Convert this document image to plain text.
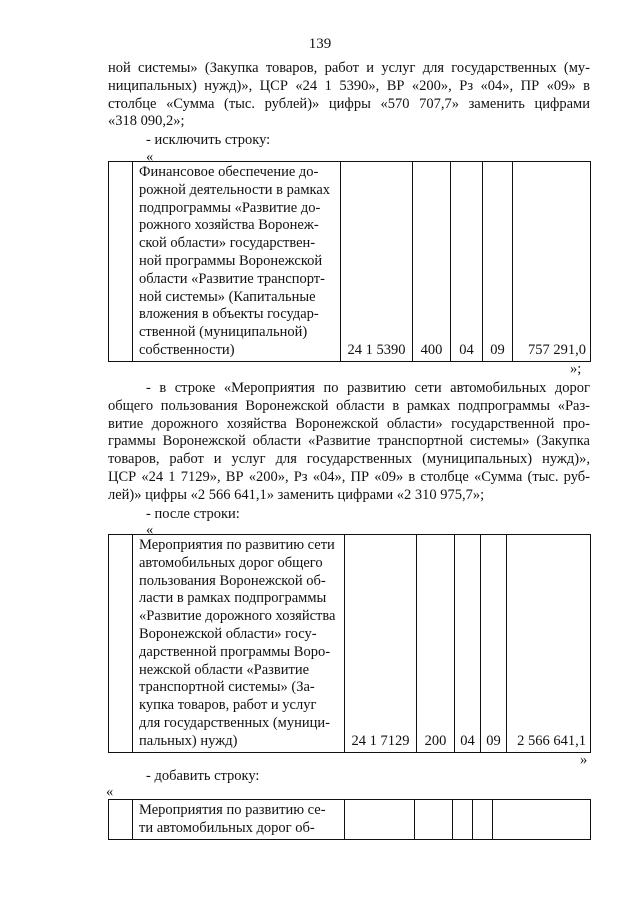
139
ной системы» (Закупка товаров, работ и услуг для государственных (му-
ниципальных) нужд)», ЦСР «24 1 5390», ВР «200», Рз «04», ПР «09» в
столбце «Сумма (тыс. рублей)» цифры «570 707,7» заменить цифрами
«318 090,2»;
- исключить строку:
«

Финансовое обеспечение до-
рожной деятельности в рамках
подпрограммы «Развитие до-
рожного хозяйства Воронеж-
ской области» государствен-
ной программы Воронежской
области «Развитие транспорт-
ной системы» (Капитальные
вложения в объекты государ-
ственной (муниципальной)
собственности)	24 1 5390	400	04	09	757 291,0
»;
- в строке «Мероприятия по развитию сети автомобильных дорог
общего пользования Воронежской области в рамках подпрограммы «Раз-
витие дорожного хозяйства Воронежской области» государственной про-
граммы Воронежской области «Развитие транспортной системы» (Закупка
товаров, работ и услуг для государственных (муниципальных) нужд)»,
ЦСР «24 1 7129», ВР «200», Рз «04», ПР «09» в столбце «Сумма (тыс. руб-
лей)» цифры «2 566 641,1» заменить цифрами «2 310 975,7»;
- после строки:
«

Мероприятия по развитию сети
автомобильных дорог общего
пользования Воронежской об-
ласти в рамках подпрограммы
«Развитие дорожного хозяйства
Воронежской области» госу-
дарственной программы Воро-
нежской области «Развитие
транспортной системы» (За-
купка товаров, работ и услуг
для государственных (муници-
пальных) нужд)	24 1 7129	200	04	09	2 566 641,1
»
- добавить строку:
«

Мероприятия по развитию се-
ти автомобильных дорог об-
